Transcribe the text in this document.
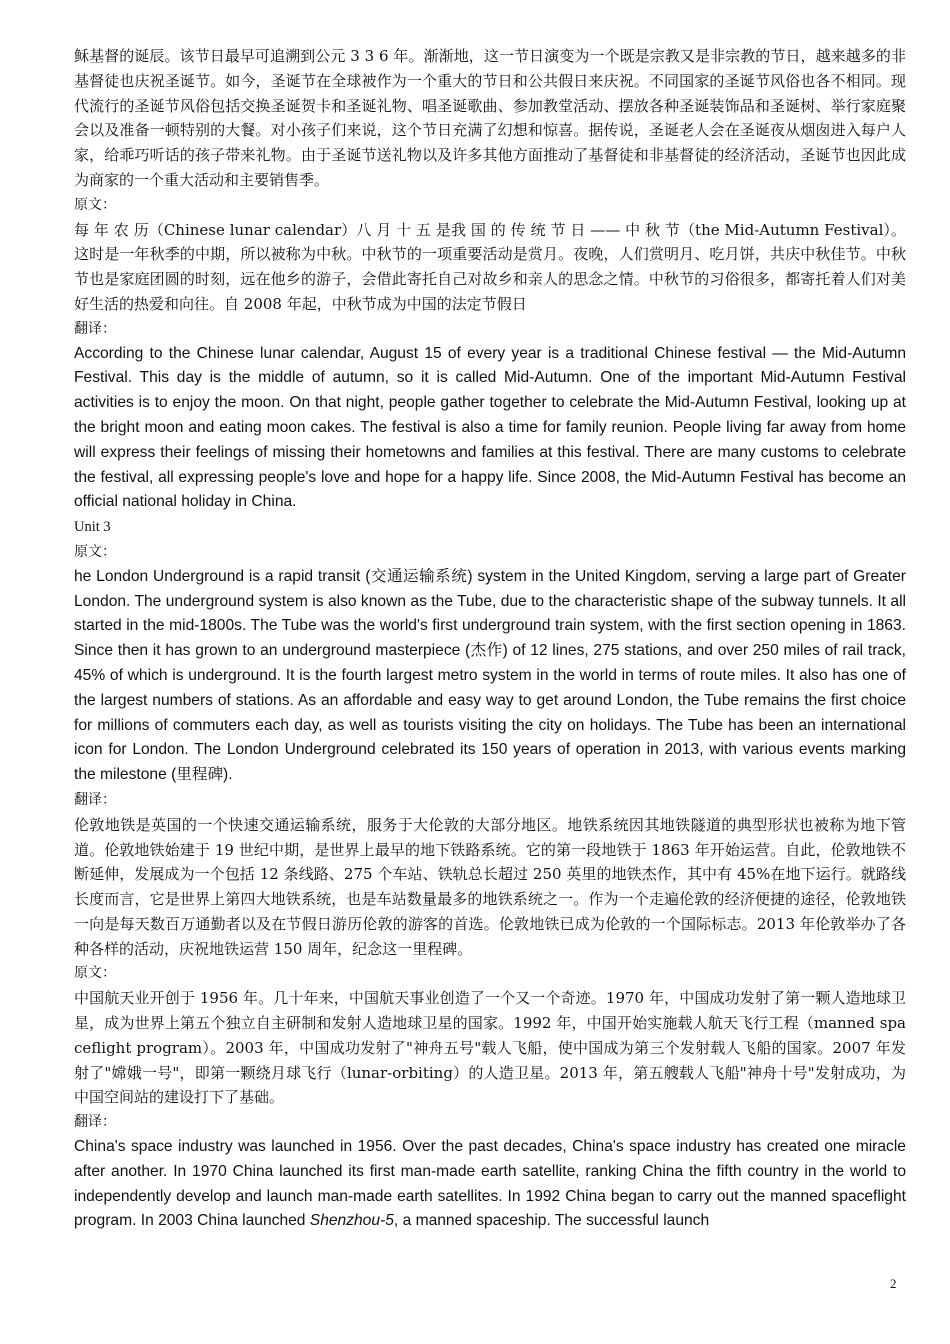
稣基督的诞辰。该节日最早可追溯到公元 3 3 6 年。渐渐地，这一节日演变为一个既是宗教又是非宗教的节日，越来越多的非基督徒也庆祝圣诞节。如今，圣诞节在全球被作为一个重大的节日和公共假日来庆祝。不同国家的圣诞节风俗也各不相同。现代流行的圣诞节风俗包括交换圣诞贺卡和圣诞礼物、唱圣诞歌曲、参加教堂活动、摆放各种圣诞装饰品和圣诞树、举行家庭聚会以及准备一顿特别的大餐。对小孩子们来说，这个节日充满了幻想和惊喜。据传说，圣诞老人会在圣诞夜从烟囱进入每户人家，给乖巧听话的孩子带来礼物。由于圣诞节送礼物以及许多其他方面推动了基督徒和非基督徒的经济活动，圣诞节也因此成为商家的一个重大活动和主要销售季。

原文：

每 年 农 历（Chinese lunar calendar）八 月 十 五 是我 国 的 传 统 节 日 —— 中 秋 节（the Mid-Autumn Festival）。这时是一年秋季的中期，所以被称为中秋。中秋节的一项重要活动是赏月。夜晚，人们赏明月、吃月饼，共庆中秋佳节。中秋节也是家庭团圆的时刻，远在他乡的游子，会借此寄托自己对故乡和亲人的思念之情。中秋节的习俗很多，都寄托着人们对美好生活的热爱和向往。自 2008 年起，中秋节成为中国的法定节假日

翻译：

According to the Chinese lunar calendar, August 15 of every year is a traditional Chinese festival — the Mid-Autumn Festival. This day is the middle of autumn, so it is called Mid-Autumn. One of the important Mid-Autumn Festival activities is to enjoy the moon. On that night, people gather together to celebrate the Mid-Autumn Festival, looking up at the bright moon and eating moon cakes. The festival is also a time for family reunion. People living far away from home will express their feelings of missing their hometowns and families at this festival. There are many customs to celebrate the festival, all expressing people's love and hope for a happy life. Since 2008, the Mid-Autumn Festival has become an official national holiday in China.

Unit 3

原文：

he London Underground is a rapid transit (交通运输系统) system in the United Kingdom, serving a large part of Greater London. The underground system is also known as the Tube, due to the characteristic shape of the subway tunnels. It all started in the mid-1800s. The Tube was the world's first underground train system, with the first section opening in 1863. Since then it has grown to an underground masterpiece (杰作) of 12 lines, 275 stations, and over 250 miles of rail track, 45% of which is underground. It is the fourth largest metro system in the world in terms of route miles. It also has one of the largest numbers of stations. As an affordable and easy way to get around London, the Tube remains the first choice for millions of commuters each day, as well as tourists visiting the city on holidays. The Tube has been an international icon for London. The London Underground celebrated its 150 years of operation in 2013, with various events marking the milestone (里程碑).

翻译：

伦敦地铁是英国的一个快速交通运输系统，服务于大伦敦的大部分地区。地铁系统因其地铁隧道的典型形状也被称为地下管道。伦敦地铁始建于 19 世纪中期，是世界上最早的地下铁路系统。它的第一段地铁于 1863 年开始运营。自此，伦敦地铁不断延伸，发展成为一个包括 12 条线路、275 个车站、铁轨总长超过 250 英里的地铁杰作，其中有 45%在地下运行。就路线长度而言，它是世界上第四大地铁系统，也是车站数量最多的地铁系统之一。作为一个走遍伦敦的经济便捷的途径，伦敦地铁一向是每天数百万通勤者以及在节假日游历伦敦的游客的首选。伦敦地铁已成为伦敦的一个国际标志。2013 年伦敦举办了各种各样的活动，庆祝地铁运营 150 周年，纪念这一里程碑。

原文：

中国航天业开创于 1956 年。几十年来，中国航天事业创造了一个又一个奇迹。1970 年，中国成功发射了第一颗人造地球卫星，成为世界上第五个独立自主研制和发射人造地球卫星的国家。1992 年，中国开始实施载人航天飞行工程（manned spaceflight program）。2003 年，中国成功发射了"神舟五号"载人飞船，使中国成为第三个发射载人飞船的国家。2007 年发射了"嫦娥一号"，即第一颗绕月球飞行（lunar-orbiting）的人造卫星。2013 年，第五艘载人飞船"神舟十号"发射成功，为中国空间站的建设打下了基础。

翻译：

China's space industry was launched in 1956. Over the past decades, China's space industry has created one miracle after another. In 1970 China launched its first man-made earth satellite, ranking China the fifth country in the world to independently develop and launch man-made earth satellites. In 1992 China began to carry out the manned spaceflight program. In 2003 China launched Shenzhou-5, a manned spaceship. The successful launch

2
